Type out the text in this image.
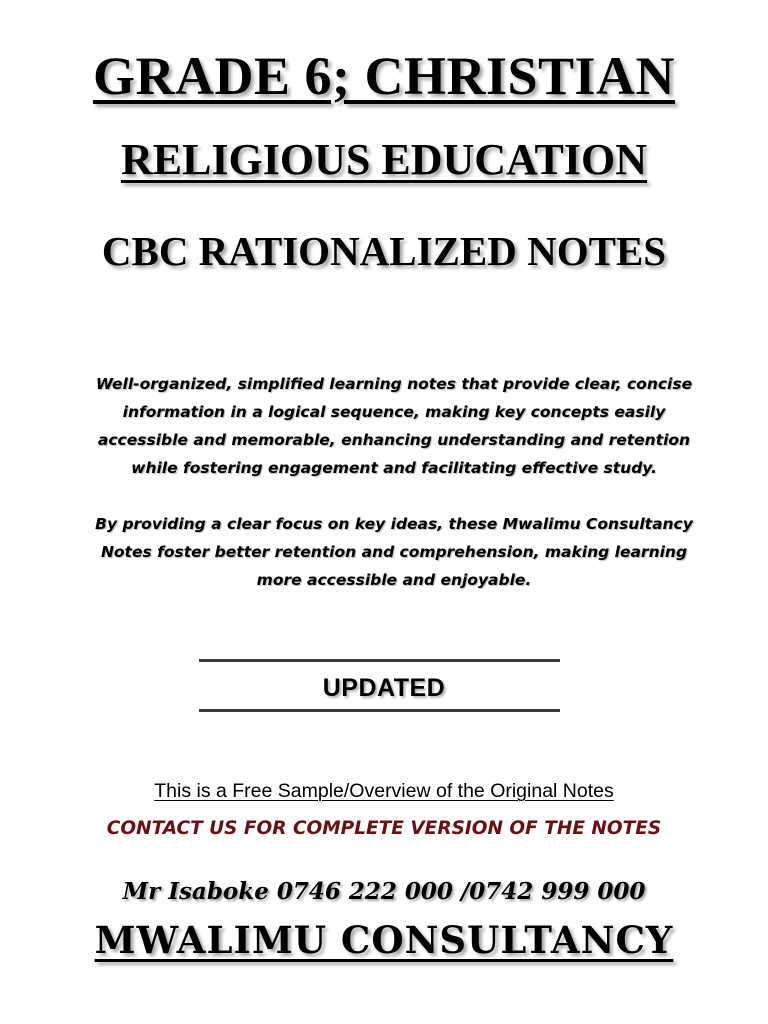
GRADE 6; CHRISTIAN
RELIGIOUS EDUCATION
CBC RATIONALIZED NOTES
Well-organized, simplified learning notes that provide clear, concise information in a logical sequence, making key concepts easily accessible and memorable, enhancing understanding and retention while fostering engagement and facilitating effective study.
By providing a clear focus on key ideas, these Mwalimu Consultancy Notes foster better retention and comprehension, making learning more accessible and enjoyable.
UPDATED
This is a Free Sample/Overview of the Original Notes
CONTACT US FOR COMPLETE VERSION OF THE NOTES
Mr Isaboke 0746 222 000 /0742 999 000
MWALIMU CONSULTANCY
